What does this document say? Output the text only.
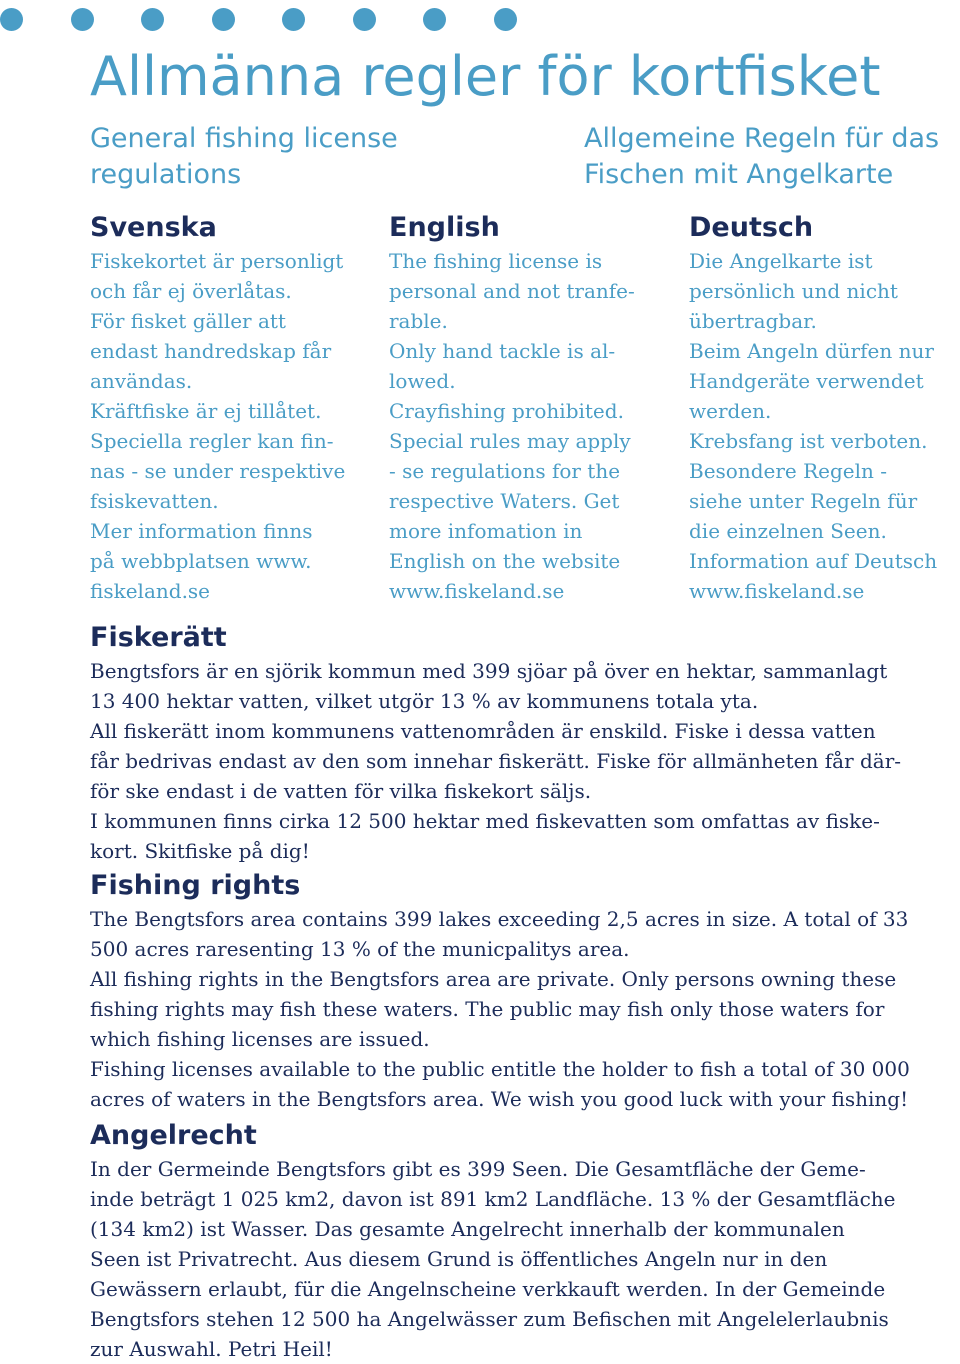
Allmänna regler för kortfisket
General fishing license
regulations
Allgemeine Regeln für das
Fischen mit Angelkarte
Svenska
Fiskekortet är personligt
och får ej överlåtas.
För fisket gäller att
endast handredskap får
användas.
Kräftfiske är ej tillåtet.
Speciella regler kan fin-
nas - se under respektive
fsiskevatten.
Mer information finns
på webbplatsen www.
fiskeland.se
English
The fishing license is
personal and not tranfe-
rable.
Only hand tackle is al-
lowed.
Crayfishing prohibited.
Special rules may apply
- se regulations for the
respective Waters. Get
more infomation in
English on the website
www.fiskeland.se
Deutsch
Die Angelkarte ist
persönlich und nicht
übertragbar.
Beim Angeln dürfen nur
Handgeräte verwendet
werden.
Krebsfang ist verboten.
Besondere Regeln -
siehe unter Regeln für
die einzelnen Seen.
Information auf Deutsch
www.fiskeland.se
Fiskerätt
Bengtsfors är en sjörik kommun med 399 sjöar på över en hektar, sammanlagt
13 400 hektar vatten, vilket utgör 13 % av kommunens totala yta.
All fiskerätt inom kommunens vattenområden är enskild. Fiske i dessa vatten
får bedrivas endast av den som innehar fiskerätt. Fiske för allmänheten får där-
för ske endast i de vatten för vilka fiskekort säljs.
I kommunen finns cirka 12 500 hektar med fiskevatten som omfattas av fiske-
kort. Skitfiske på dig!
Fishing rights
The Bengtsfors area contains 399 lakes exceeding 2,5 acres in size. A total of 33
500 acres raresenting 13 % of the municpalitys area.
All fishing rights in the Bengtsfors area are private. Only persons owning these
fishing rights may fish these waters. The public may fish only those waters for
which fishing licenses are issued.
Fishing licenses available to the public entitle the holder to fish a total of 30 000
acres of waters in the Bengtsfors area. We wish you good luck with your fishing!
Angelrecht
In der Germeinde Bengtsfors gibt es 399 Seen. Die Gesamtfläche der Geme-
inde beträgt 1 025 km2, davon ist 891 km2 Landfläche. 13 % der Gesamtfläche
(134 km2) ist Wasser. Das gesamte Angelrecht innerhalb der kommunalen
Seen ist Privatrecht. Aus diesem Grund is öffentliches Angeln nur in den
Gewässern erlaubt, für die Angelnscheine verkkauft werden. In der Gemeinde
Bengtsfors stehen 12 500 ha Angelwässer zum Befischen mit Angelelerlaubnis
zur Auswahl. Petri Heil!
